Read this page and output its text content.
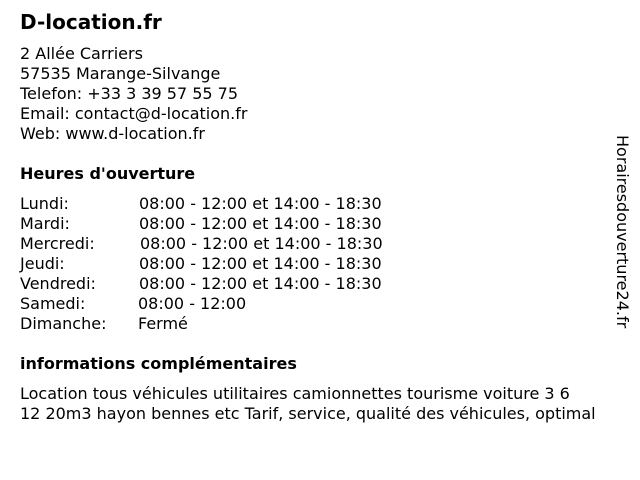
D-location.fr
2 Allée Carriers
57535 Marange-Silvange
Telefon: +33 3 39 57 55 75
Email: contact@d-location.fr
Web: www.d-location.fr
Heures d'ouverture
Lundi:	08:00 - 12:00 et 14:00 - 18:30
Mardi:	08:00 - 12:00 et 14:00 - 18:30
Mercredi:	08:00 - 12:00 et 14:00 - 18:30
Jeudi:	08:00 - 12:00 et 14:00 - 18:30
Vendredi:	08:00 - 12:00 et 14:00 - 18:30
Samedi:	08:00 - 12:00
Dimanche: Fermé
informations complémentaires
Location tous véhicules utilitaires camionnettes tourisme voiture 3 6
12 20m3 hayon bennes etc Tarif, service, qualité des véhicules, optimal
Horairesdouverture24.fr
